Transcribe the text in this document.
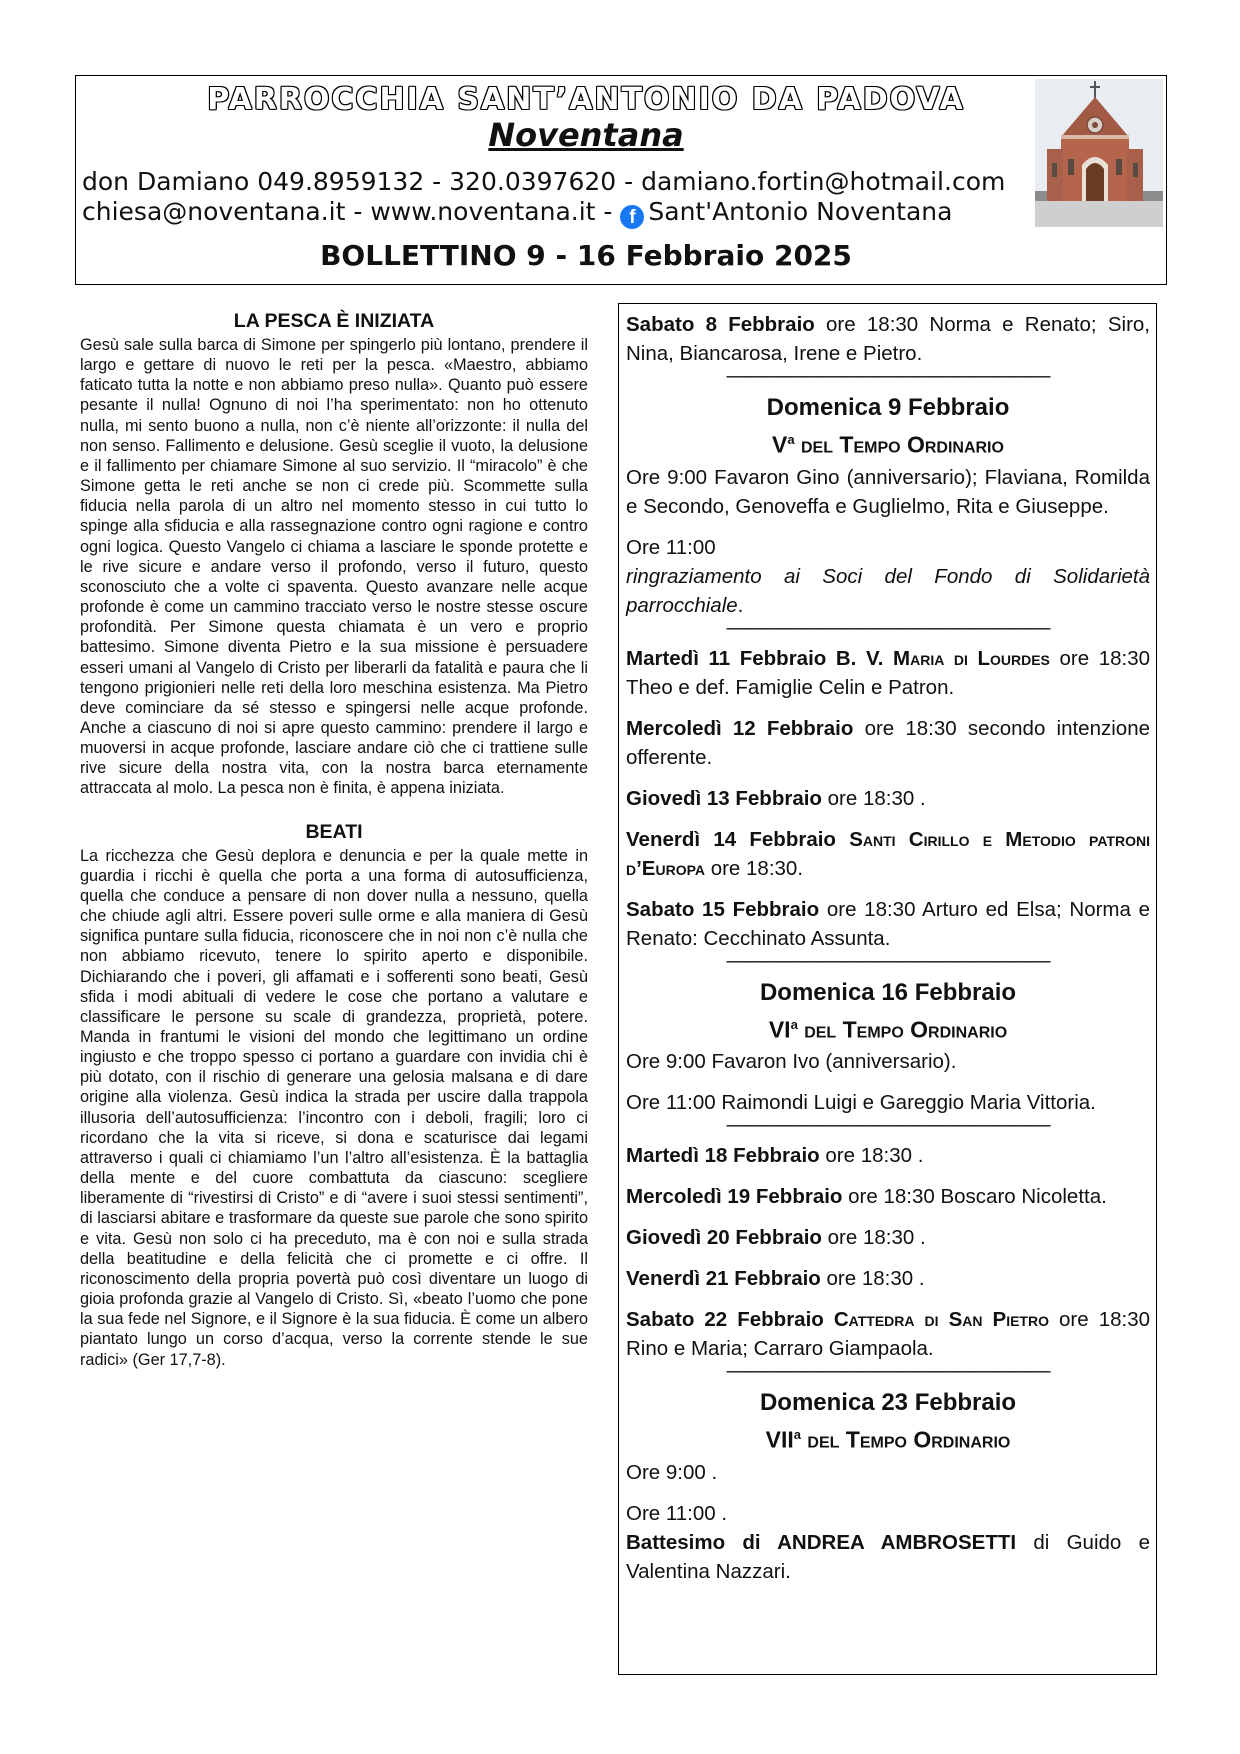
PARROCCHIA SANT’ANTONIO DA PADOVA
Noventana
don Damiano 049.8959132 - 320.0397620 - damiano.fortin@hotmail.com
chiesa@noventana.it - www.noventana.it - f Sant'Antonio Noventana
BOLLETTINO 9 - 16 Febbraio 2025
LA PESCA È INIZIATA

Gesù sale sulla barca di Simone per spingerlo più lontano, prendere il largo e gettare di nuovo le reti per la pesca. «Maestro, abbiamo faticato tutta la notte e non abbiamo preso nulla». Quanto può essere pesante il nulla! Ognuno di noi l’ha sperimentato: non ho ottenuto nulla, mi sento buono a nulla, non c’è niente all’orizzonte: il nulla del non senso. Fallimento e delusione. Gesù sceglie il vuoto, la delusione e il fallimento per chiamare Simone al suo servizio. Il “miracolo” è che Simone getta le reti anche se non ci crede più. Scommette sulla fiducia nella parola di un altro nel momento stesso in cui tutto lo spinge alla sfiducia e alla rassegnazione contro ogni ragione e contro ogni logica. Questo Vangelo ci chiama a lasciare le sponde protette e le rive sicure e andare verso il profondo, verso il futuro, questo sconosciuto che a volte ci spaventa. Questo avanzare nelle acque profonde è come un cammino tracciato verso le nostre stesse oscure profondità. Per Simone questa chiamata è un vero e proprio battesimo. Simone diventa Pietro e la sua missione è persuadere esseri umani al Vangelo di Cristo per liberarli da fatalità e paura che li tengono prigionieri nelle reti della loro meschina esistenza. Ma Pietro deve cominciare da sé stesso e spingersi nelle acque profonde. Anche a ciascuno di noi si apre questo cammino: prendere il largo e muoversi in acque profonde, lasciare andare ciò che ci trattiene sulle rive sicure della nostra vita, con la nostra barca eternamente attraccata al molo. La pesca non è finita, è appena iniziata.

BEATI

La ricchezza che Gesù deplora e denuncia e per la quale mette in guardia i ricchi è quella che porta a una forma di autosufficienza, quella che conduce a pensare di non dover nulla a nessuno, quella che chiude agli altri. Essere poveri sulle orme e alla maniera di Gesù significa puntare sulla fiducia, riconoscere che in noi non c’è nulla che non abbiamo ricevuto, tenere lo spirito aperto e disponibile. Dichiarando che i poveri, gli affamati e i sofferenti sono beati, Gesù sfida i modi abituali di vedere le cose che portano a valutare e classificare le persone su scale di grandezza, proprietà, potere. Manda in frantumi le visioni del mondo che legittimano un ordine ingiusto e che troppo spesso ci portano a guardare con invidia chi è più dotato, con il rischio di generare una gelosia malsana e di dare origine alla violenza. Gesù indica la strada per uscire dalla trappola illusoria dell’autosufficienza: l’incontro con i deboli, fragili; loro ci ricordano che la vita si riceve, si dona e scaturisce dai legami attraverso i quali ci chiamiamo l’un l’altro all’esistenza. È la battaglia della mente e del cuore combattuta da ciascuno: scegliere liberamente di “rivestirsi di Cristo” e di “avere i suoi stessi sentimenti”, di lasciarsi abitare e trasformare da queste sue parole che sono spirito e vita. Gesù non solo ci ha preceduto, ma è con noi e sulla strada della beatitudine e della felicità che ci promette e ci offre. Il riconoscimento della propria povertà può così diventare un luogo di gioia profonda grazie al Vangelo di Cristo. Sì, «beato l’uomo che pone la sua fede nel Signore, e il Signore è la sua fiducia. È come un albero piantato lungo un corso d’acqua, verso la corrente stende le sue radici» (Ger 17,7-8).

Sabato 8 Febbraio ore 18:30 Norma e Renato; Siro, Nina, Biancarosa, Irene e Pietro.

—————————————————
Domenica 9 Febbraio
$V^a$ del Tempo Ordinario

Ore 9:00 Favaron Gino (anniversario); Flaviana, Romilda e Secondo, Genoveffa e Guglielmo, Rita e Giuseppe.

Ore 11:00
ringraziamento ai Soci del Fondo di Solidarietà parrocchiale.

—————————————————

Martedì 11 Febbraio B. V. Maria di Lourdes ore 18:30 Theo e def. Famiglie Celin e Patron.

Mercoledì 12 Febbraio ore 18:30 secondo intenzione offerente.

Giovedì 13 Febbraio ore 18:30 .

Venerdì 14 Febbraio Santi Cirillo e Metodio patroni d’Europa ore 18:30.

Sabato 15 Febbraio ore 18:30 Arturo ed Elsa; Norma e Renato: Cecchinato Assunta.

—————————————————
Domenica 16 Febbraio
$VI^a$ del Tempo Ordinario

Ore 9:00 Favaron Ivo (anniversario).

Ore 11:00 Raimondi Luigi e Gareggio Maria Vittoria.

—————————————————

Martedì 18 Febbraio ore 18:30 .

Mercoledì 19 Febbraio ore 18:30 Boscaro Nicoletta.

Giovedì 20 Febbraio ore 18:30 .

Venerdì 21 Febbraio ore 18:30 .

Sabato 22 Febbraio Cattedra di San Pietro ore 18:30 Rino e Maria; Carraro Giampaola.

—————————————————
Domenica 23 Febbraio
VII$^a$ del Tempo Ordinario

Ore 9:00 .

Ore 11:00 .

Battesimo di ANDREA AMBROSETTI di Guido e Valentina Nazzari.
